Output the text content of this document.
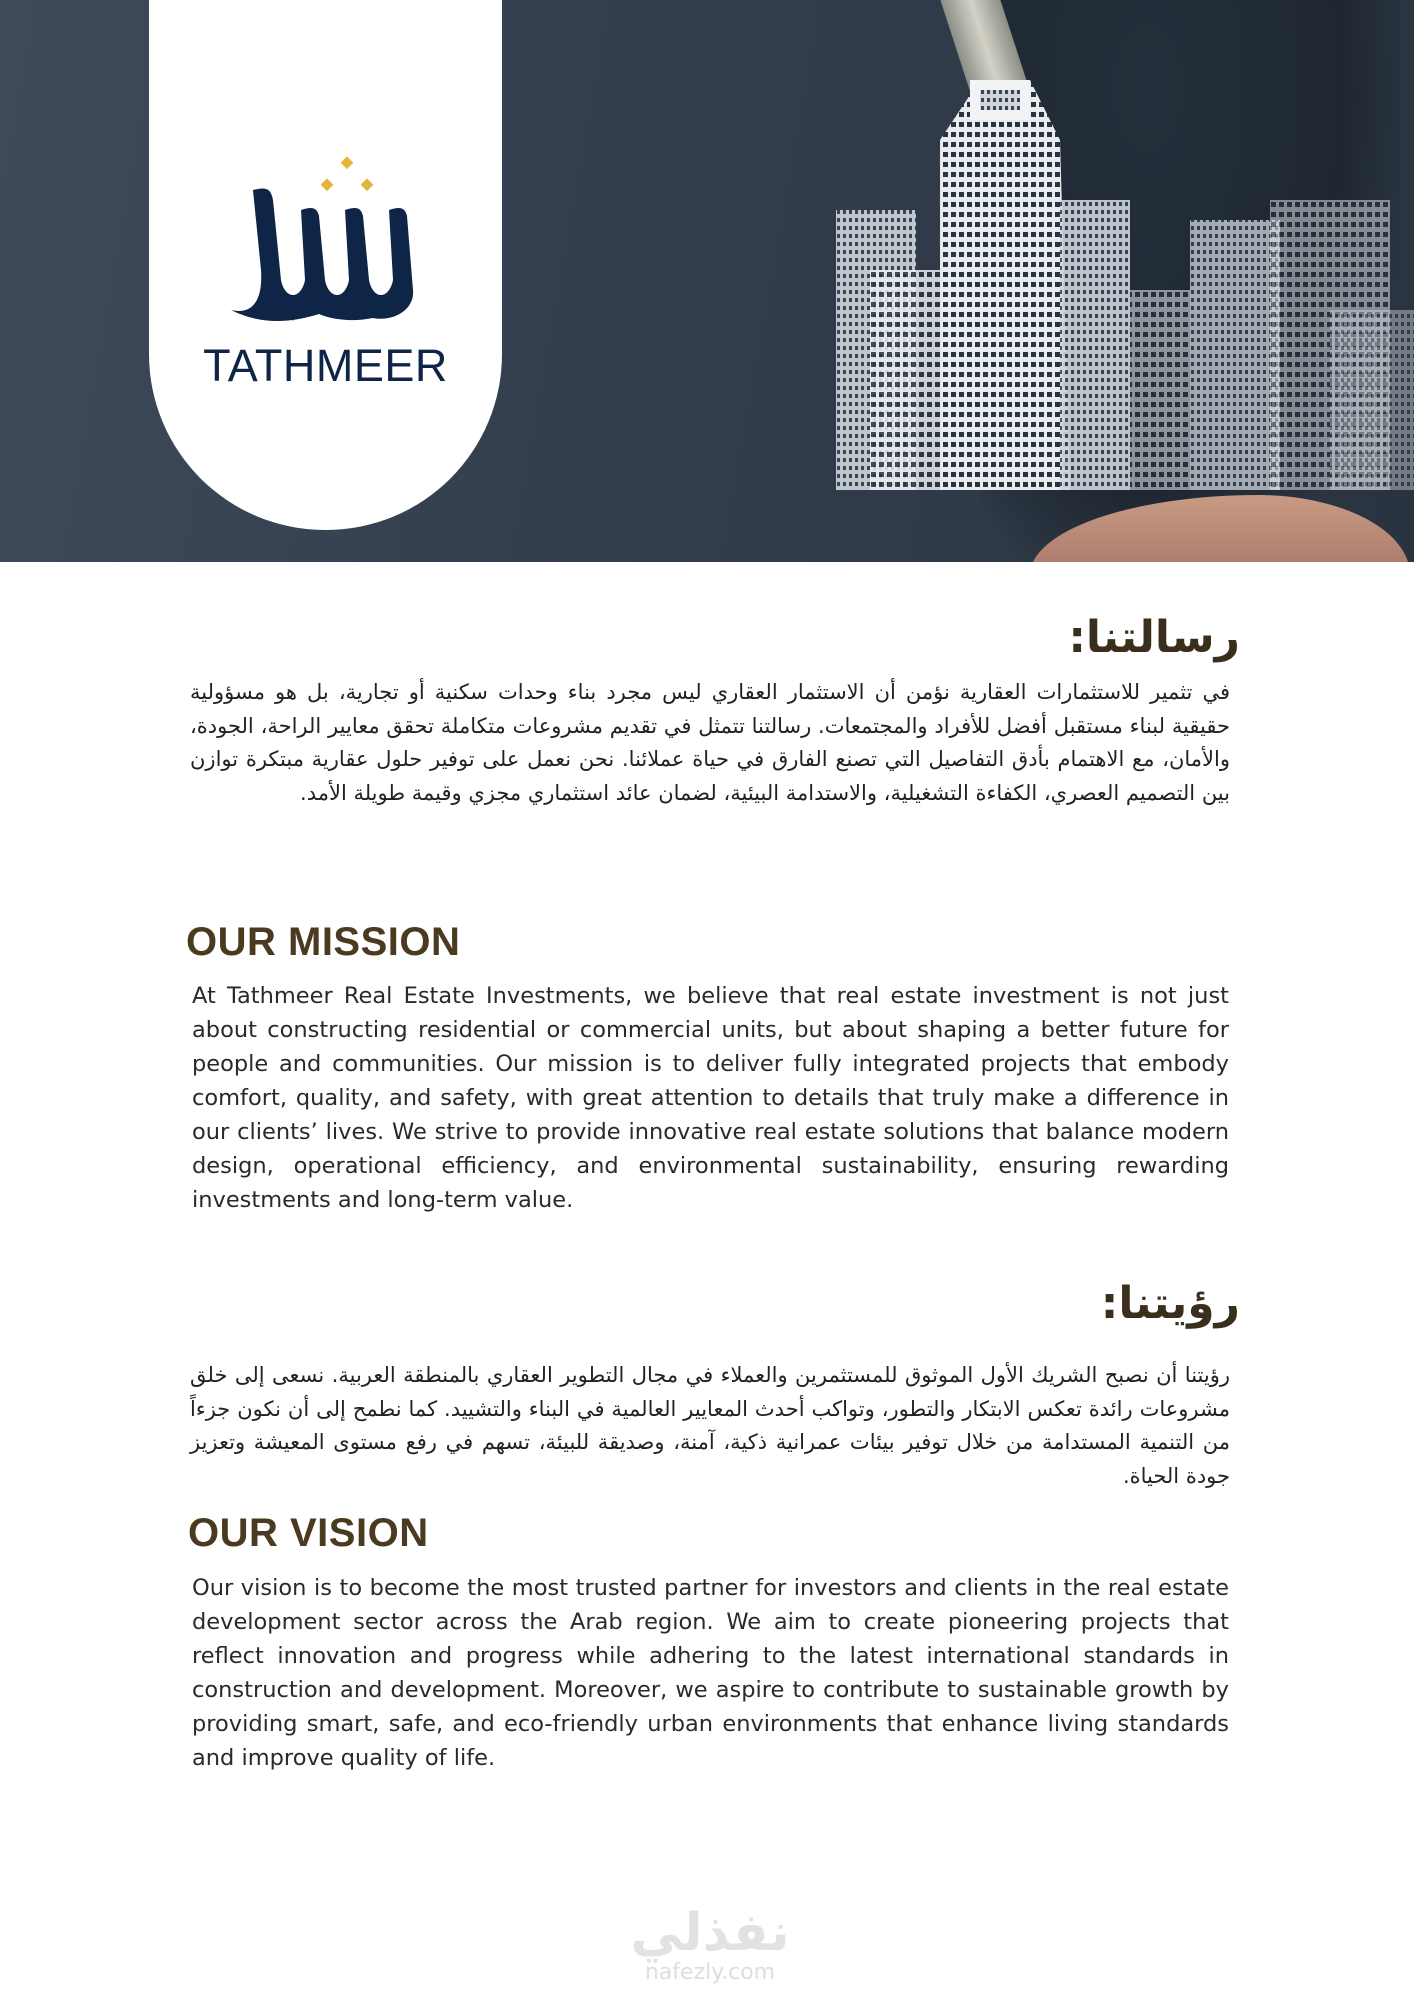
TATHMEER
رسالتنا:

في تثمير للاستثمارات العقارية نؤمن أن الاستثمار العقاري ليس مجرد بناء وحدات سكنية أو تجارية، بل هو مسؤولية حقيقية لبناء مستقبل أفضل للأفراد والمجتمعات. رسالتنا تتمثل في تقديم مشروعات متكاملة تحقق معايير الراحة، الجودة، والأمان، مع الاهتمام بأدق التفاصيل التي تصنع الفارق في حياة عملائنا. نحن نعمل على توفير حلول عقارية مبتكرة توازن بين التصميم العصري، الكفاءة التشغيلية، والاستدامة البيئية، لضمان عائد استثماري مجزي وقيمة طويلة الأمد.

OUR MISSION

At Tathmeer Real Estate Investments, we believe that real estate investment is not just about constructing residential or commercial units, but about shaping a better future for people and communities. Our mission is to deliver fully integrated projects that embody comfort, quality, and safety, with great attention to details that truly make a difference in our clients’ lives. We strive to provide innovative real estate solutions that balance modern design, operational efficiency, and environmental sustainability, ensuring rewarding investments and long-term value.

رؤيتنا:

رؤيتنا أن نصبح الشريك الأول الموثوق للمستثمرين والعملاء في مجال التطوير العقاري بالمنطقة العربية. نسعى إلى خلق مشروعات رائدة تعكس الابتكار والتطور، وتواكب أحدث المعايير العالمية في البناء والتشييد. كما نطمح إلى أن نكون جزءاً من التنمية المستدامة من خلال توفير بيئات عمرانية ذكية، آمنة، وصديقة للبيئة، تسهم في رفع مستوى المعيشة وتعزيز جودة الحياة.

OUR VISION

Our vision is to become the most trusted partner for investors and clients in the real estate development sector across the Arab region. We aim to create pioneering projects that reflect innovation and progress while adhering to the latest international standards in construction and development. Moreover, we aspire to contribute to sustainable growth by providing smart, safe, and eco-friendly urban environments that enhance living standards and improve quality of life.

نفذلي
nafezly.com
